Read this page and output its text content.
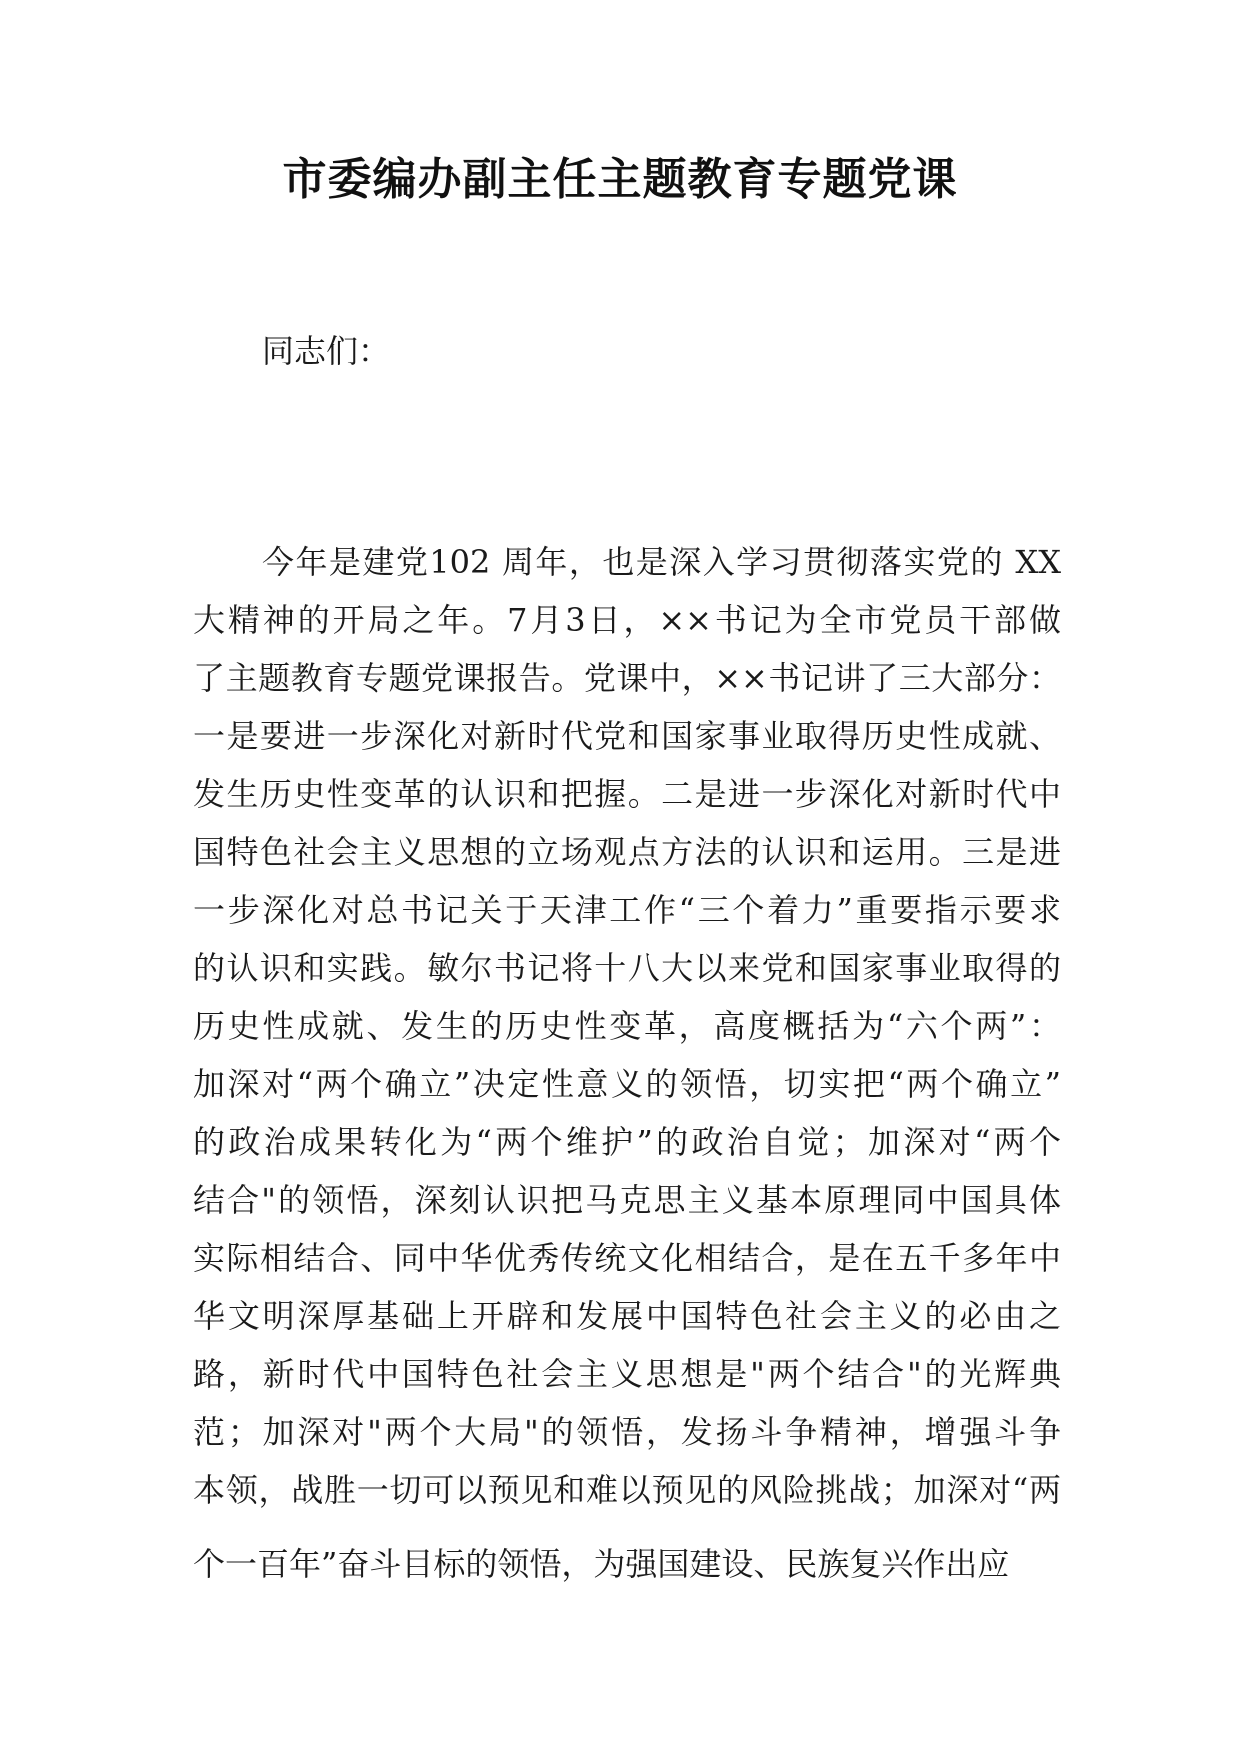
市委编办副主任主题教育专题党课

同志们：

今年是建党102 周年，也是深入学习贯彻落实党的 XX
大精神的开局之年。7月3日，××书记为全市党员干部做
了主题教育专题党课报告。党课中，××书记讲了三大部分：
一是要进一步深化对新时代党和国家事业取得历史性成就、
发生历史性变革的认识和把握。二是进一步深化对新时代中
国特色社会主义思想的立场观点方法的认识和运用。三是进
一步深化对总书记关于天津工作“三个着力”重要指示要求
的认识和实践。敏尔书记将十八大以来党和国家事业取得的
历史性成就、发生的历史性变革，高度概括为“六个两”：
加深对“两个确立”决定性意义的领悟，切实把“两个确立”
的政治成果转化为“两个维护”的政治自觉；加深对“两个
结合"的领悟，深刻认识把马克思主义基本原理同中国具体
实际相结合、同中华优秀传统文化相结合，是在五千多年中
华文明深厚基础上开辟和发展中国特色社会主义的必由之
路，新时代中国特色社会主义思想是"两个结合"的光辉典
范；加深对"两个大局"的领悟，发扬斗争精神，增强斗争
本领，战胜一切可以预见和难以预见的风险挑战；加深对“两
个一百年”奋斗目标的领悟，为强国建设、民族复兴作出应
